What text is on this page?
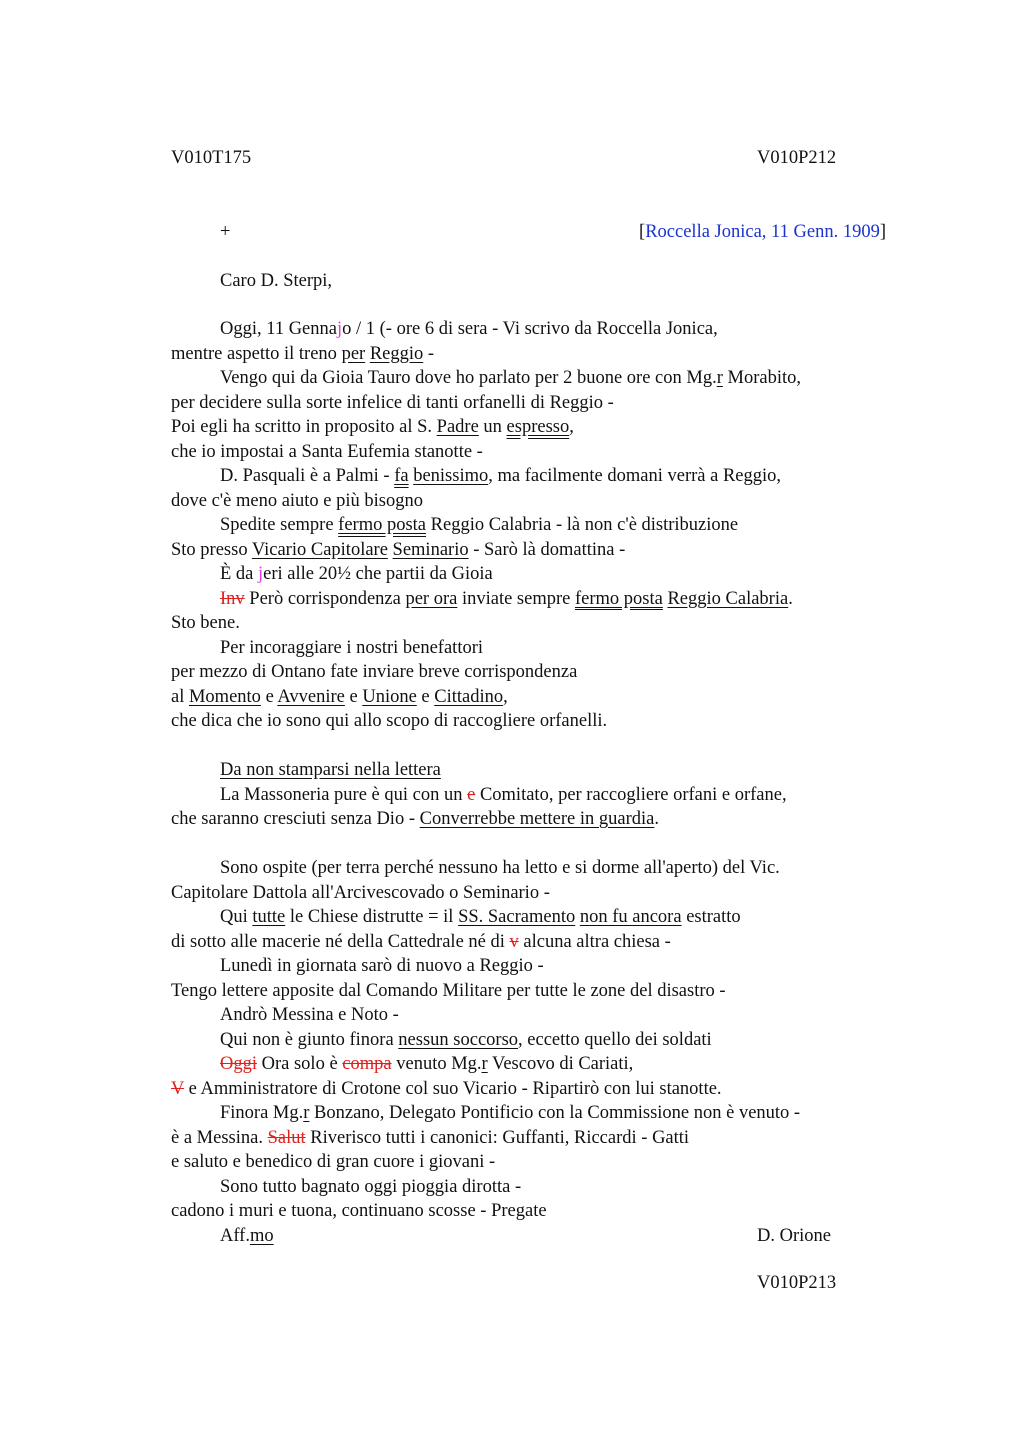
V010T175	V010P212
+	[Roccella Jonica, 11 Genn. 1909]
Caro D. Sterpi,
Oggi, 11 Gennajo / 1 (- ore 6 di sera - Vi scrivo da Roccella Jonica,
mentre aspetto il treno per Reggio -
Vengo qui da Gioia Tauro dove ho parlato per 2 buone ore con Mg.r Morabito,
per decidere sulla sorte infelice di tanti orfanelli di Reggio -
Poi egli ha scritto in proposito al S. Padre un espresso,
che io impostai a Santa Eufemia stanotte -
D. Pasquali è a Palmi - fa benissimo, ma facilmente domani verrà a Reggio,
dove c'è meno aiuto e più bisogno
Spedite sempre fermo posta Reggio Calabria - là non c'è distribuzione
Sto presso Vicario Capitolare Seminario - Sarò là domattina -
È da jeri alle 20½ che partii da Gioia
Inv Però corrispondenza per ora inviate sempre fermo posta Reggio Calabria.
Sto bene.
Per incoraggiare i nostri benefattori
per mezzo di Ontano fate inviare breve corrispondenza
al Momento e Avvenire e Unione e Cittadino,
che dica che io sono qui allo scopo di raccogliere orfanelli.
Da non stamparsi nella lettera
La Massoneria pure è qui con un e Comitato, per raccogliere orfani e orfane,
che saranno cresciuti senza Dio - Converrebbe mettere in guardia.
Sono ospite (per terra perché nessuno ha letto e si dorme all'aperto) del Vic.
Capitolare Dattola all'Arcivescovado o Seminario -
Qui tutte le Chiese distrutte = il SS. Sacramento non fu ancora estratto
di sotto alle macerie né della Cattedrale né di v alcuna altra chiesa -
Lunedì in giornata sarò di nuovo a Reggio -
Tengo lettere apposite dal Comando Militare per tutte le zone del disastro -
Andrò Messina e Noto -
Qui non è giunto finora nessun soccorso, eccetto quello dei soldati
Oggi Ora solo è compa venuto Mg.r Vescovo di Cariati,
V e Amministratore di Crotone col suo Vicario - Ripartirò con lui stanotte.
Finora Mg.r Bonzano, Delegato Pontificio con la Commissione non è venuto -
è a Messina. Salut Riverisco tutti i canonici: Guffanti, Riccardi - Gatti
e saluto e benedico di gran cuore i giovani -
Sono tutto bagnato oggi pioggia dirotta -
cadono i muri e tuona, continuano scosse - Pregate
Aff.mo	D. Orione
V010P213
